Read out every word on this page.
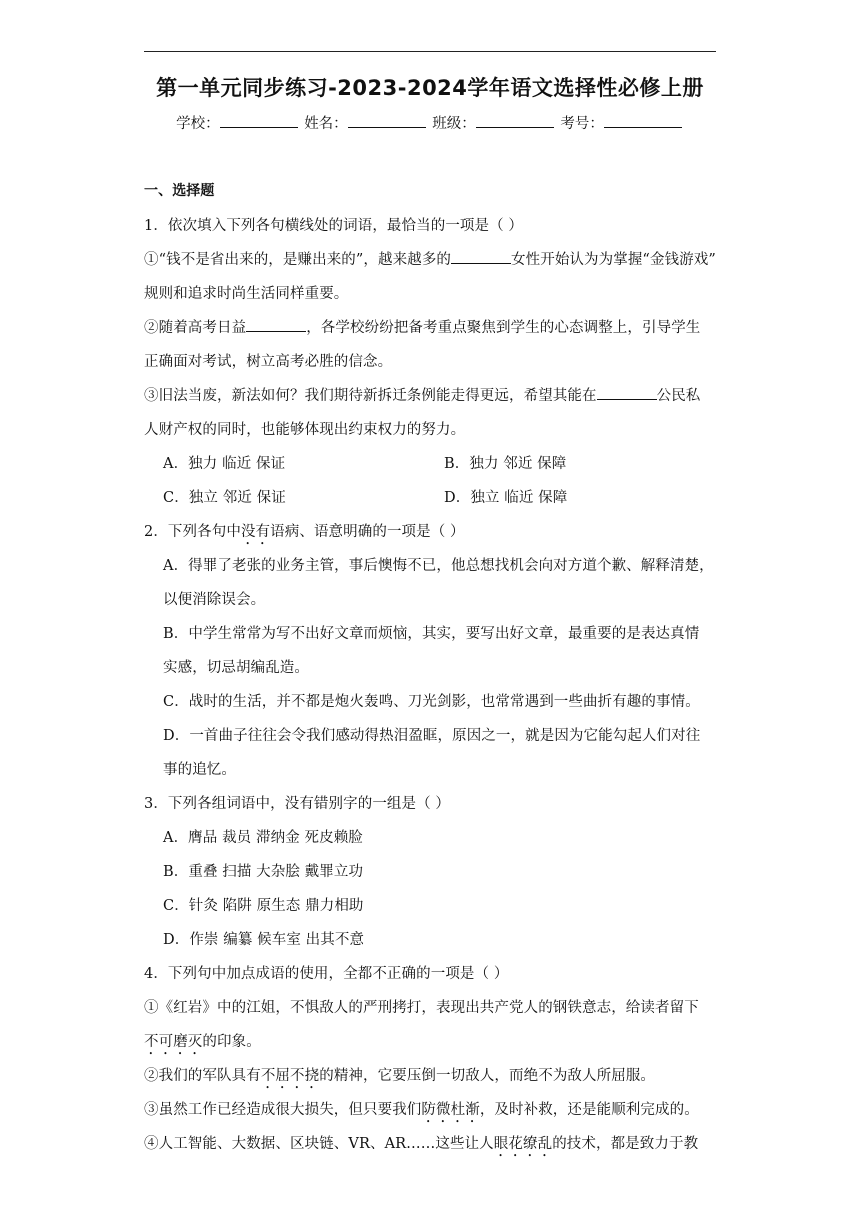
第一单元同步练习-2023-2024学年语文选择性必修上册
学校：	姓名：	班级：	考号：
一、选择题
1．依次填入下列各句横线处的词语，最恰当的一项是（ ）
①“钱不是省出来的，是赚出来的”，越来越多的	女性开始认为为掌握“金钱游戏”
规则和追求时尚生活同样重要。
②随着高考日益	，各学校纷纷把备考重点聚焦到学生的心态调整上，引导学生
正确面对考试，树立高考必胜的信念。
③旧法当废，新法如何？我们期待新拆迁条例能走得更远，希望其能在	公民私
人财产权的同时，也能够体现出约束权力的努力。
A．独力 临近 保证	B．独力 邻近 保障
C．独立 邻近 保证	D．独立 临近 保障
2．下列各句中没有语病、语意明确的一项是（ ）
A．得罪了老张的业务主管，事后懊悔不已，他总想找机会向对方道个歉、解释清楚，
以便消除误会。
B．中学生常常为写不出好文章而烦恼，其实，要写出好文章，最重要的是表达真情
实感，切忌胡编乱造。
C．战时的生活，并不都是炮火轰鸣、刀光剑影，也常常遇到一些曲折有趣的事情。
D．一首曲子往往会令我们感动得热泪盈眶，原因之一，就是因为它能勾起人们对往
事的追忆。
3．下列各组词语中，没有错别字的一组是（ ）
A．膺品 裁员 滞纳金 死皮赖脸
B．重叠 扫描 大杂脍 戴罪立功
C．针灸 陷阱 原生态 鼎力相助
D．作崇 编纂 候车室 出其不意
4．下列句中加点成语的使用，全都不正确的一项是（ ）
①《红岩》中的江姐，不惧敌人的严刑拷打，表现出共产党人的钢铁意志，给读者留下
不可磨灭的印象。
②我们的军队具有不屈不挠的精神，它要压倒一切敌人，而绝不为敌人所屈服。
③虽然工作已经造成很大损失，但只要我们防微杜渐，及时补救，还是能顺利完成的。
④人工智能、大数据、区块链、VR、AR……这些让人眼花缭乱的技术，都是致力于教
